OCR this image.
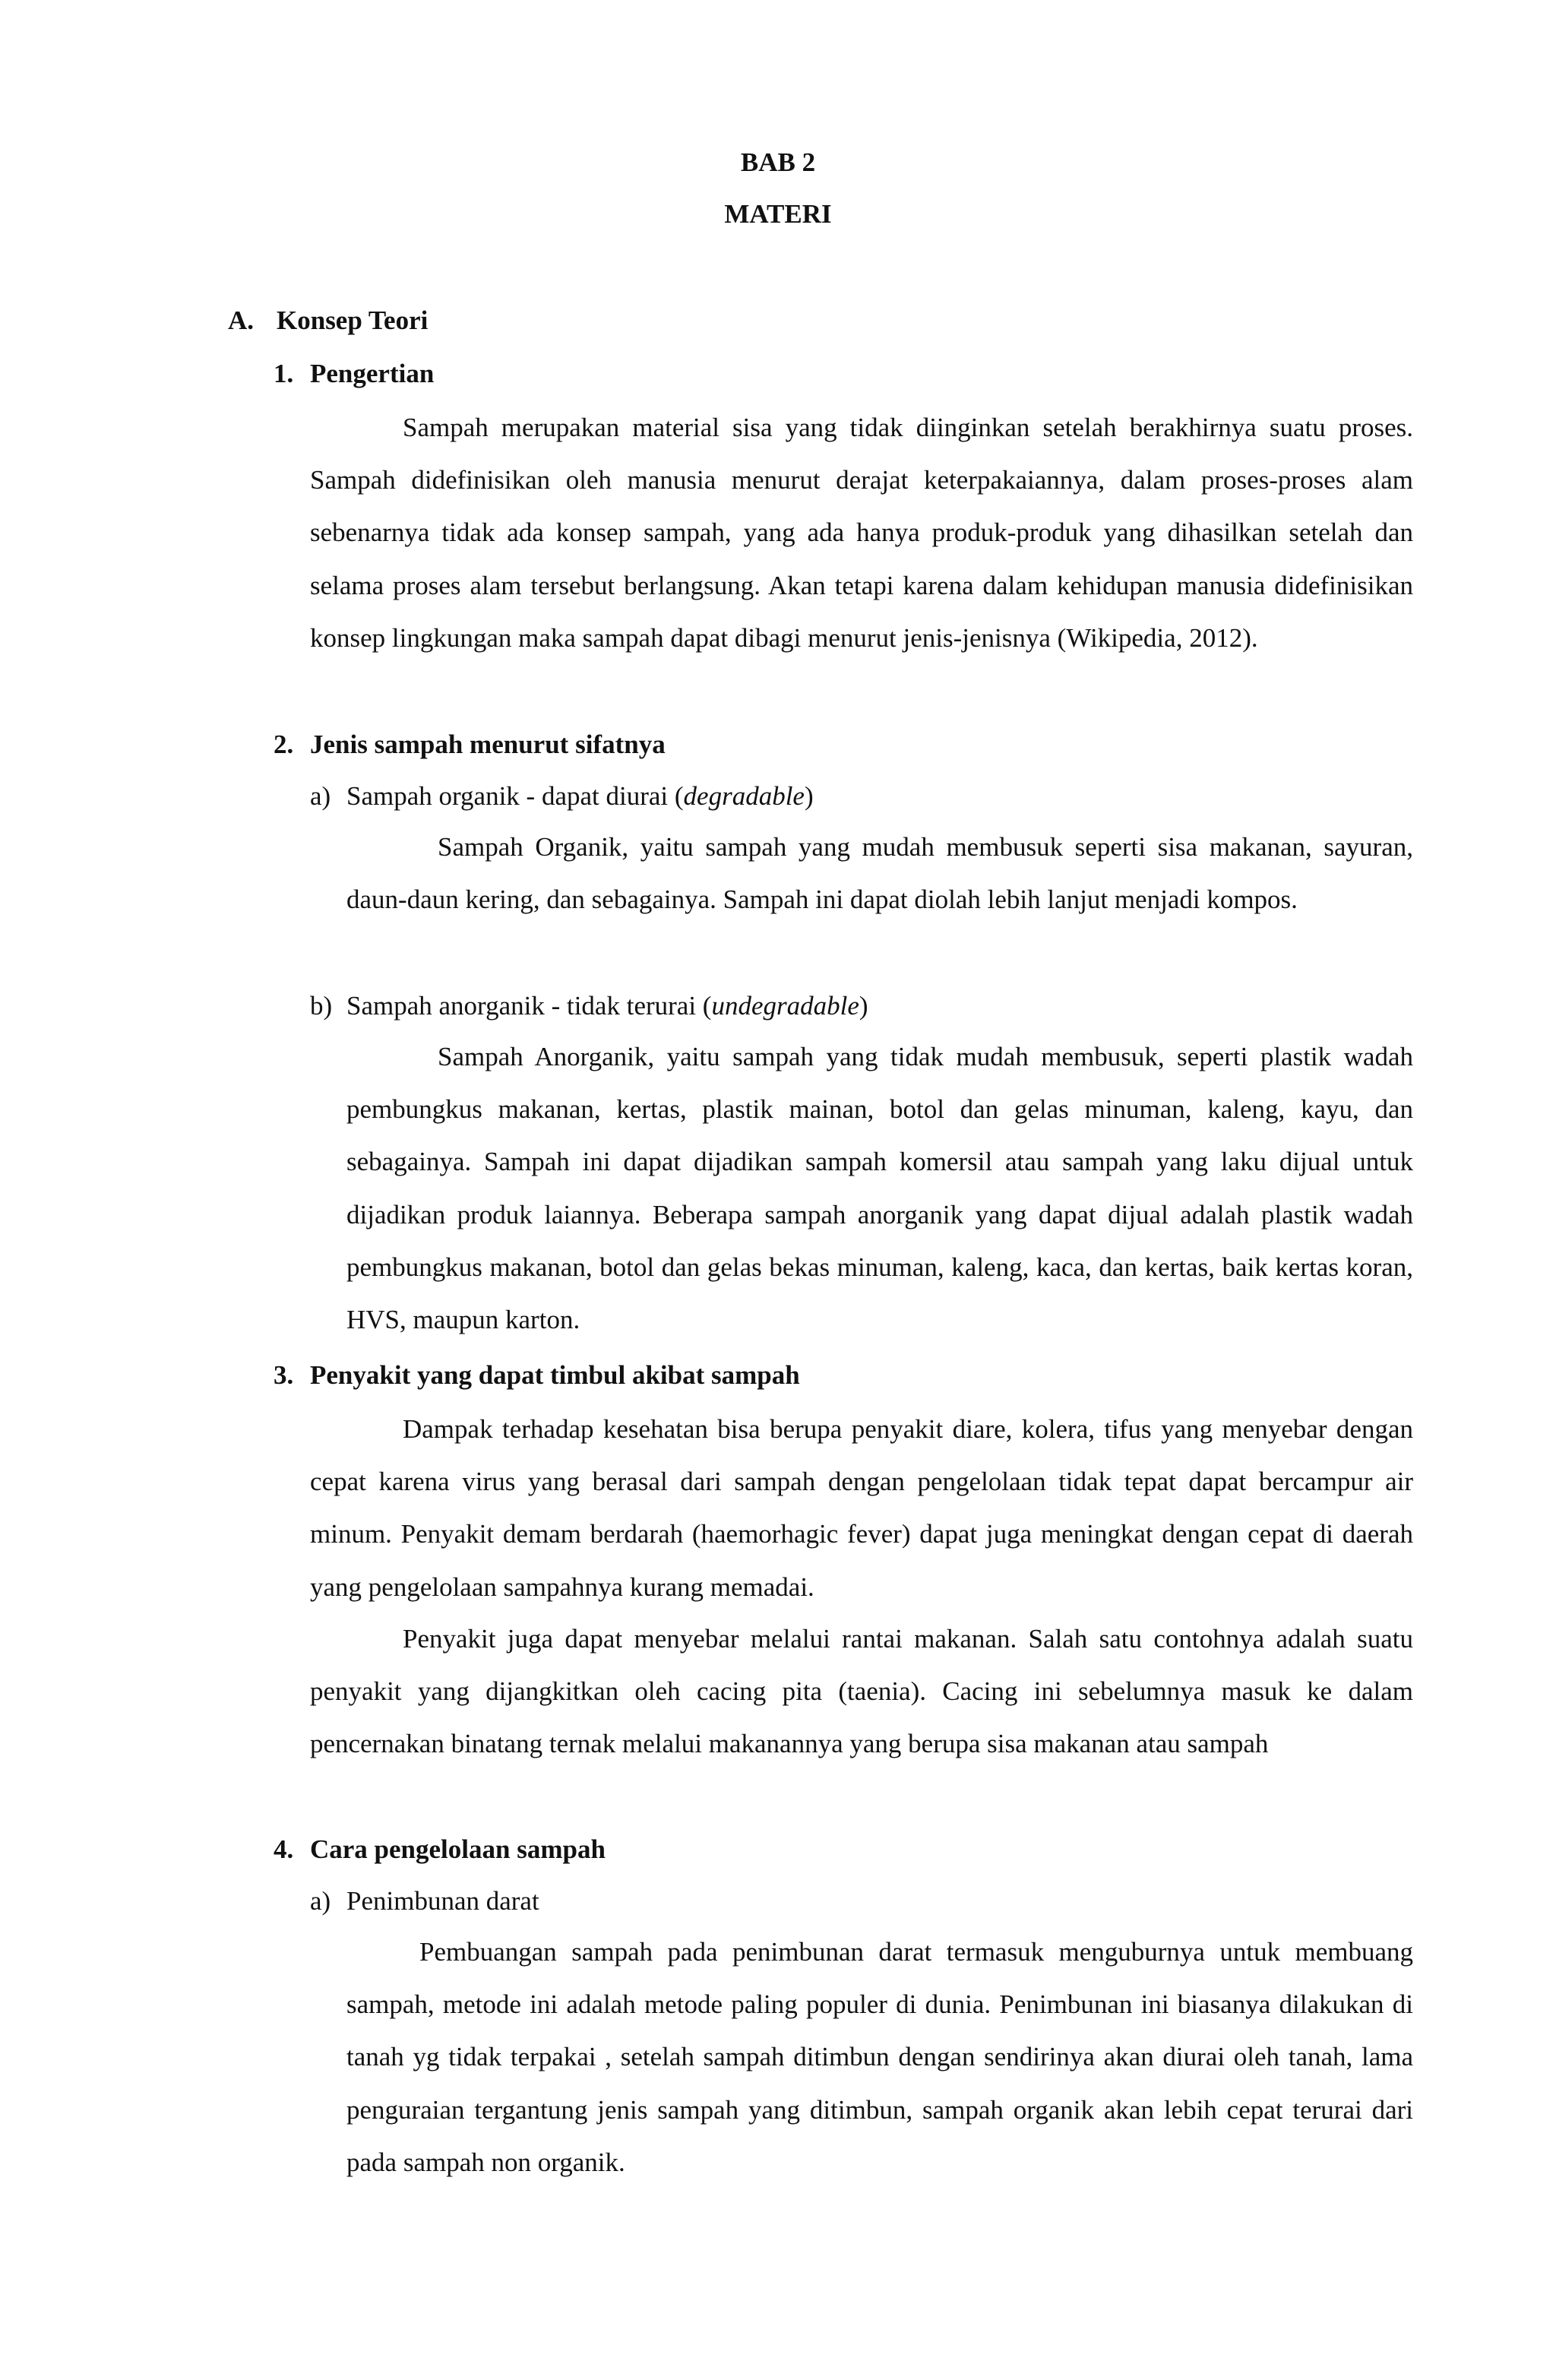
BAB 2
MATERI
A. Konsep Teori
1. Pengertian

Sampah merupakan material sisa yang tidak diinginkan setelah berakhirnya suatu proses. Sampah didefinisikan oleh manusia menurut derajat keterpakaiannya, dalam proses-proses alam sebenarnya tidak ada konsep sampah, yang ada hanya produk-produk yang dihasilkan setelah dan selama proses alam tersebut berlangsung. Akan tetapi karena dalam kehidupan manusia didefinisikan konsep lingkungan maka sampah dapat dibagi menurut jenis-jenisnya (Wikipedia, 2012).

2. Jenis sampah menurut sifatnya
a) Sampah organik - dapat diurai (degradable)

Sampah Organik, yaitu sampah yang mudah membusuk seperti sisa makanan, sayuran, daun-daun kering, dan sebagainya. Sampah ini dapat diolah lebih lanjut menjadi kompos.

b) Sampah anorganik - tidak terurai (undegradable)

Sampah Anorganik, yaitu sampah yang tidak mudah membusuk, seperti plastik wadah pembungkus makanan, kertas, plastik mainan, botol dan gelas minuman, kaleng, kayu, dan sebagainya. Sampah ini dapat dijadikan sampah komersil atau sampah yang laku dijual untuk dijadikan produk laiannya. Beberapa sampah anorganik yang dapat dijual adalah plastik wadah pembungkus makanan, botol dan gelas bekas minuman, kaleng, kaca, dan kertas, baik kertas koran, HVS, maupun karton.

3. Penyakit yang dapat timbul akibat sampah

Dampak terhadap kesehatan bisa berupa penyakit diare, kolera, tifus yang menyebar dengan cepat karena virus yang berasal dari sampah dengan pengelolaan tidak tepat dapat bercampur air minum. Penyakit demam berdarah (haemorhagic fever) dapat juga meningkat dengan cepat di daerah yang pengelolaan sampahnya kurang memadai.

Penyakit juga dapat menyebar melalui rantai makanan. Salah satu contohnya adalah suatu penyakit yang dijangkitkan oleh cacing pita (taenia). Cacing ini sebelumnya masuk ke dalam pencernakan binatang ternak melalui makanannya yang berupa sisa makanan atau sampah

4. Cara pengelolaan sampah
a) Penimbunan darat

Pembuangan sampah pada penimbunan darat termasuk menguburnya untuk membuang sampah, metode ini adalah metode paling populer di dunia. Penimbunan ini biasanya dilakukan di tanah yg tidak terpakai , setelah sampah ditimbun dengan sendirinya akan diurai oleh tanah, lama penguraian tergantung jenis sampah yang ditimbun, sampah organik akan lebih cepat terurai dari pada sampah non organik.
